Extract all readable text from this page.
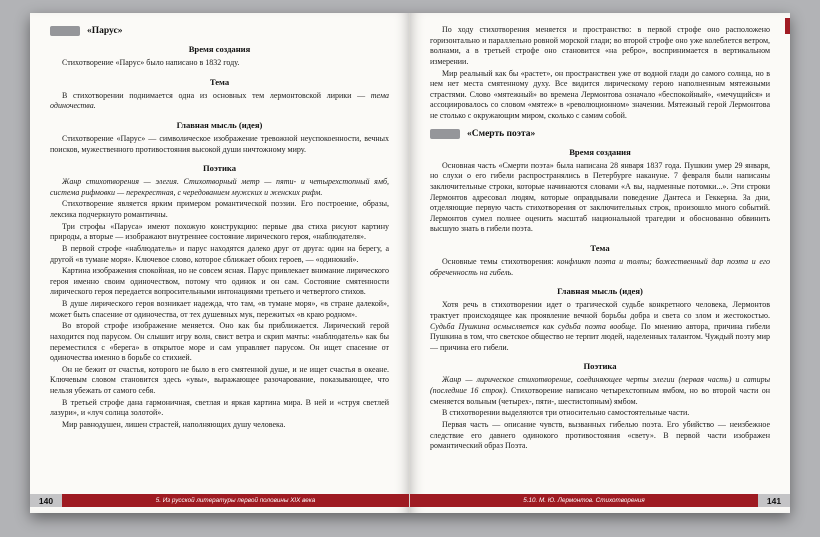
«Парус»
Время создания

Стихотворение «Парус» было написано в 1832 году.

Тема

В стихотворении поднимается одна из основных тем лермонтовской лирики — тема одиночества.

Главная мысль (идея)

Стихотворение «Парус» — символическое изображение тревожной неуспокоенности, вечных поисков, мужественного противостояния высокой души ничтожному миру.

Поэтика

Жанр стихотворения — элегия. Стихотворный метр — пяти- и четырехстопный ямб, система рифмовки — перекрестная, с чередованием мужских и женских рифм.

Стихотворение является ярким примером романтической поэзии. Его построение, образы, лексика подчеркнуто романтичны.

Три строфы «Паруса» имеют похожую конструкцию: первые два стиха рисуют картину природы, а вторые — изображают внутреннее состояние лирического героя, «наблюдателя».

В первой строфе «наблюдатель» и парус находятся далеко друг от друга: один на берегу, а другой «в тумане моря». Ключевое слово, которое сближает обоих героев, — «одинокий».

Картина изображения спокойная, но не совсем ясная. Парус привлекает внимание лирического героя именно своим одиночеством, потому что одинок и он сам. Состояние смятенности лирического героя передается вопросительными интонациями третьего и четвертого стихов.

В душе лирического героя возникает надежда, что там, «в тумане моря», «в стране далекой», может быть спасение от одиночества, от тех душевных мук, пережитых «в краю родном».

Во второй строфе изображение меняется. Оно как бы приближается. Лирический герой находится под парусом. Он слышит игру волн, свист ветра и скрип мачты: «наблюдатель» как бы переместился с «берега» в открытое море и сам управляет парусом. Он ищет спасение от одиночества именно в борьбе со стихией.

Он не бежит от счастья, которого не было в его смятенной душе, и не ищет счастья в океане. Ключевым словом становится здесь «увы», выражающее разочарование, показывающее, что нельзя убежать от самого себя.

В третьей строфе дана гармоничная, светлая и яркая картина мира. В ней и «струя светлей лазури», и «луч солнца золотой».

Мир равнодушен, лишен страстей, наполняющих душу человека.

140	5. Из русской литературы первой половины XIX века

По ходу стихотворения меняется и пространство: в первой строфе оно расположено горизонтально и параллельно ровной морской глади; во второй строфе оно уже колеблется ветром, волнами, а в третьей строфе оно становится «на ребро», воспринимается в вертикальном измерении.

Мир реальный как бы «растет», он пространствен уже от водной глади до самого солнца, но в нем нет места смятенному духу. Все видится лирическому герою наполненным мятежными страстями. Слово «мятежный» во времена Лермонтова означало «беспокойный», «мечущийся» и ассоциировалось со словом «мятеж» в «революционном» значении. Мятежный герой Лермонтова не столько с окружающим миром, сколько с самим собой.

«Смерть поэта»
Время создания

Основная часть «Смерти поэта» была написана 28 января 1837 года. Пушкин умер 29 января, но слухи о его гибели распространялись в Петербурге накануне. 7 февраля были написаны заключительные строки, которые начинаются словами «А вы, надменные потомки...». Эти строки Лермонтов адресовал людям, которые оправдывали поведение Дантеса и Геккерна. За дни, отделяющие первую часть стихотворения от заключительных строк, произошло много событий. Лермонтов сумел полнее оценить масштаб национальной трагедии и обоснованно обвинить высшую знать в гибели поэта.

Тема

Основные темы стихотворения: конфликт поэта и толпы; божественный дар поэта и его обреченность на гибель.

Главная мысль (идея)

Хотя речь в стихотворении идет о трагической судьбе конкретного человека, Лермонтов трактует происходящее как проявление вечной борьбы добра и света со злом и жестокостью. Судьба Пушкина осмысляется как судьба поэта вообще. По мнению автора, причина гибели Пушкина в том, что светское общество не терпит людей, наделенных талантом. Чуждый поэту мир — причина его гибели.

Поэтика

Жанр — лирическое стихотворение, соединяющее черты элегии (первая часть) и сатиры (последние 16 строк). Стихотворение написано четырехстопным ямбом, но во второй части он сменяется вольным (четырех-, пяти-, шестистопным) ямбом.

В стихотворении выделяются три относительно самостоятельные части.

Первая часть — описание чувств, вызванных гибелью поэта. Его убийство — неизбежное следствие его давнего одинокого противостояния «свету». В первой части изображен романтический образ Поэта.

5.10. М. Ю. Лермонтов. Стихотворения	141
